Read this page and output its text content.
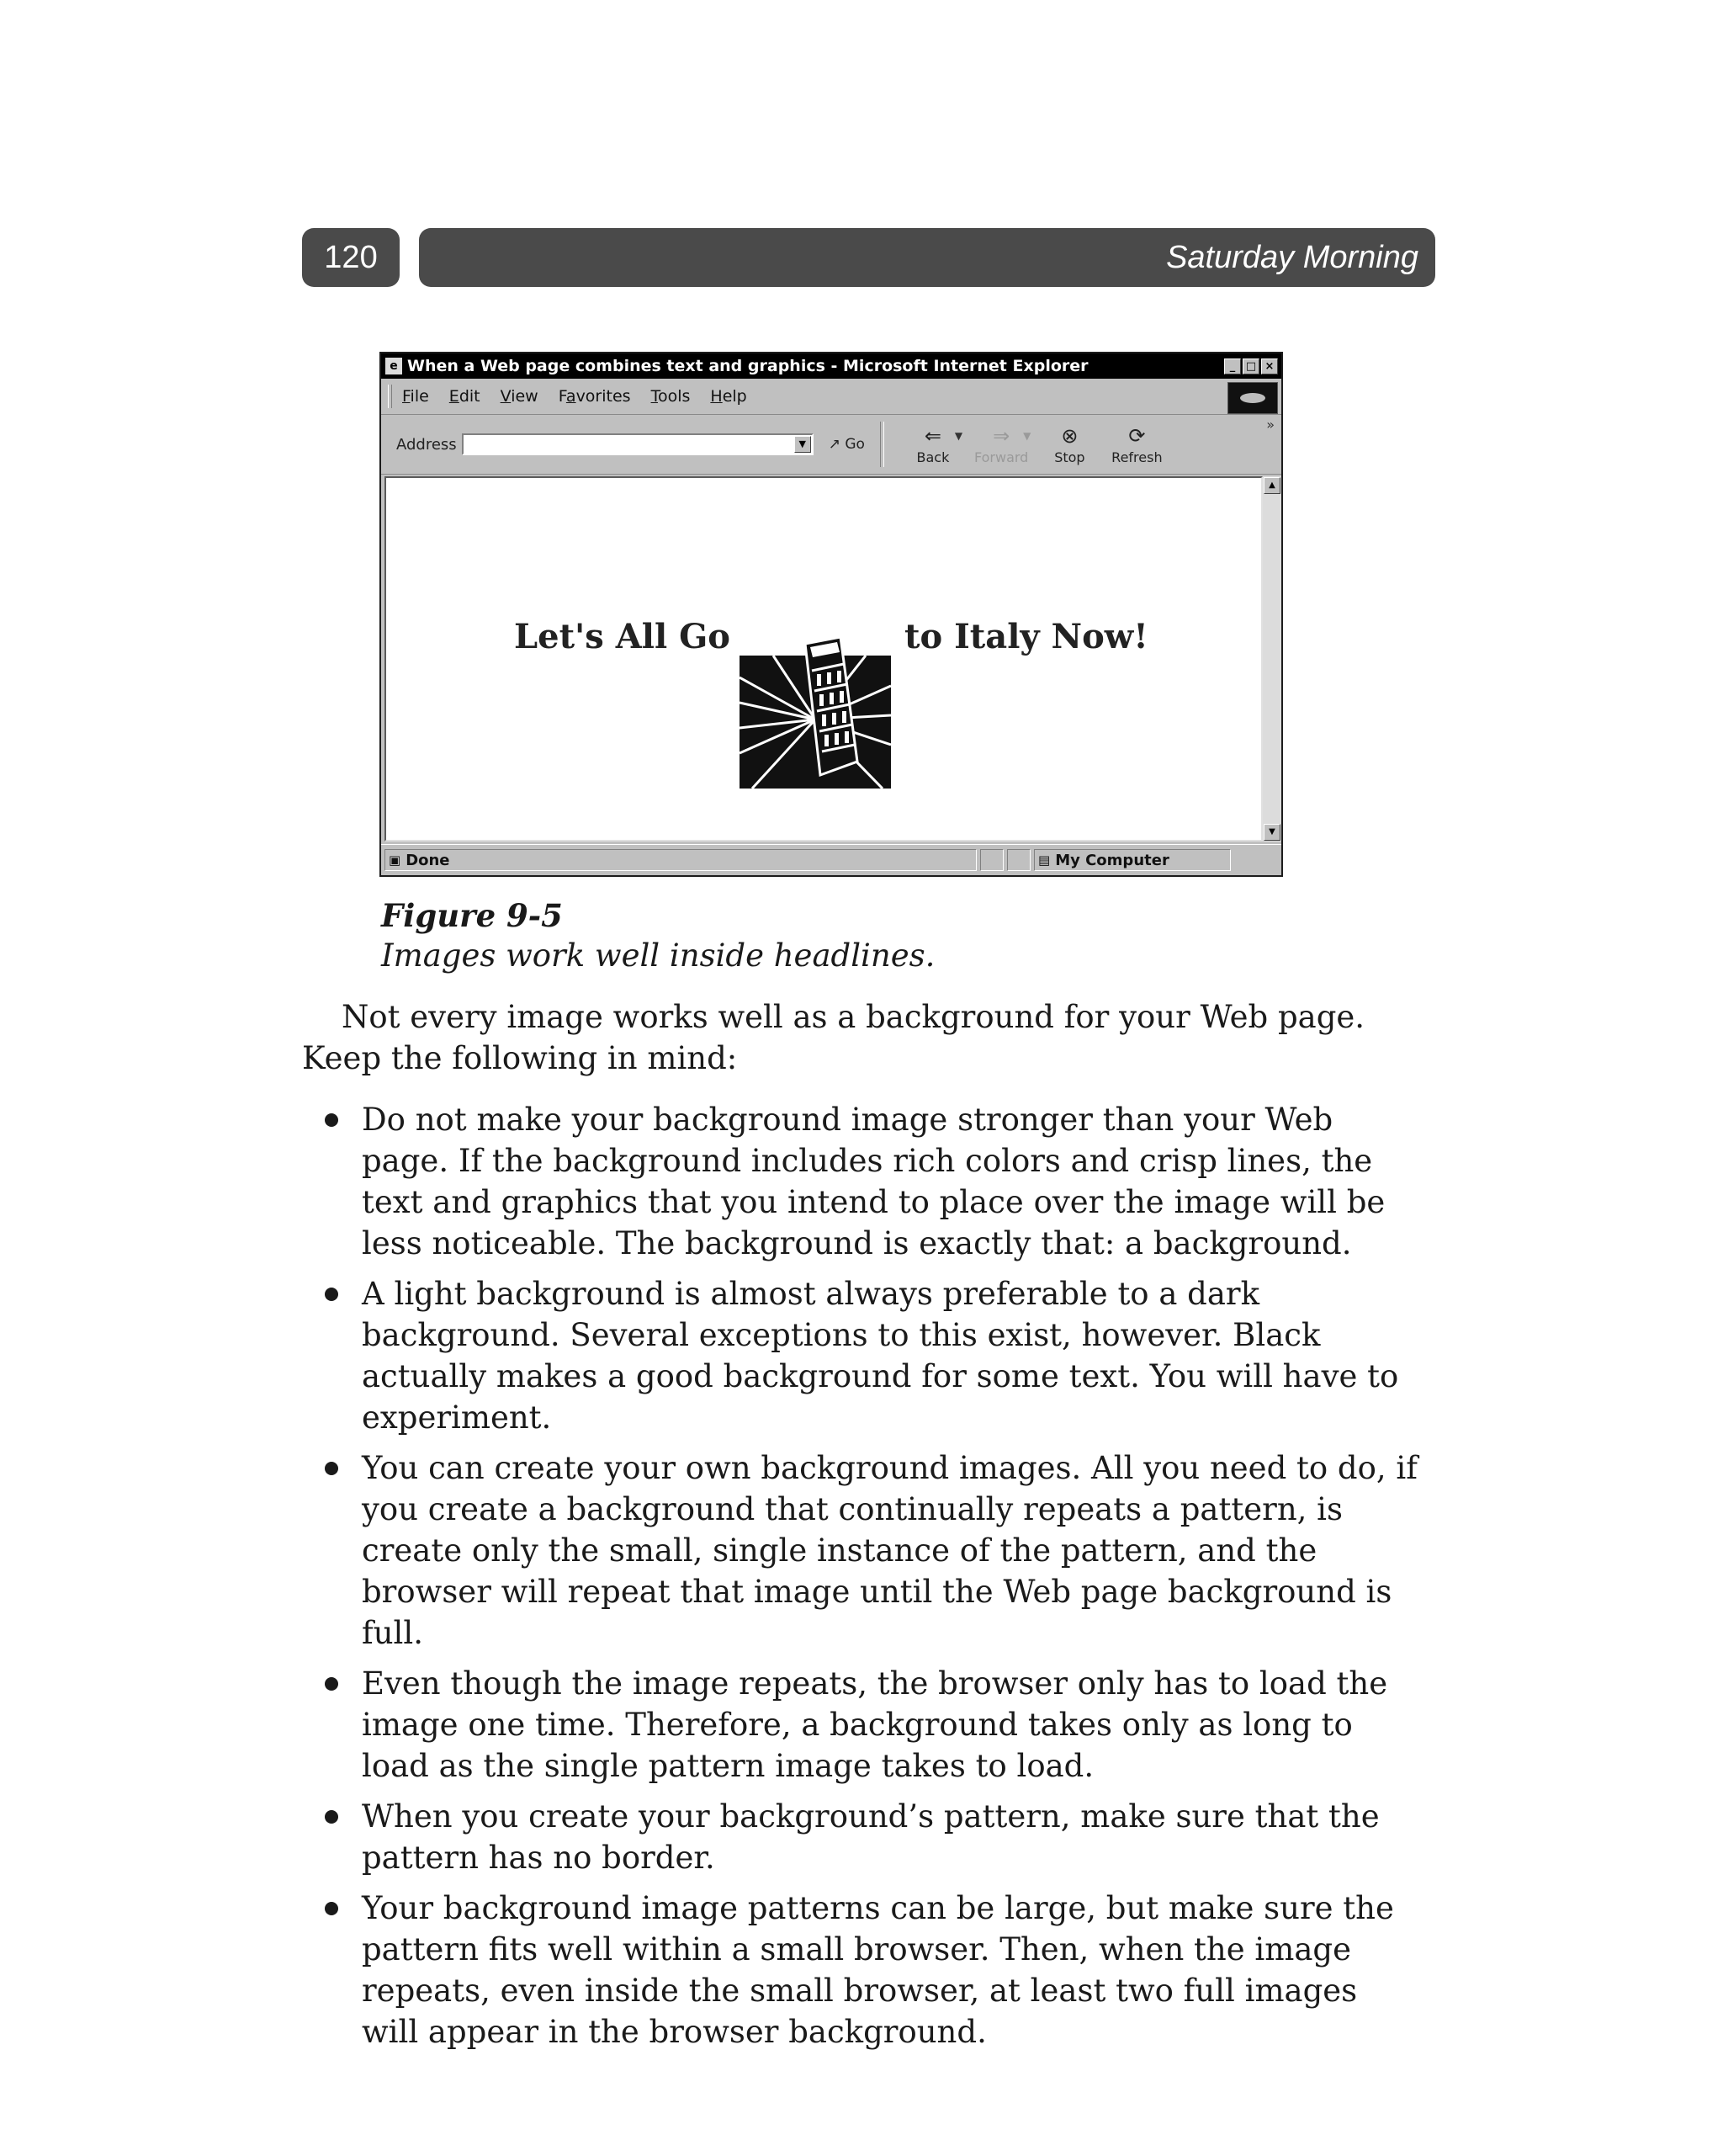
120	Saturday Morning
e When a Web page combines text and graphics - Microsoft Internet Explorer	_ □ ×
File Edit View Favorites Tools Help
Address	▼	↗ Go	⇐
Back
▼ ⇒
Forward
▼ ⊗
Stop
⟳
Refresh
»
Let's All Go	to Italy Now!
▲
▼
▣ Done	▤ My Computer
Figure 9-5
Images work well inside headlines.

Not every image works well as a background for your Web page. Keep the following in mind:

Do not make your background image stronger than your Web page. If the background includes rich colors and crisp lines, the text and graphics that you intend to place over the image will be less noticeable. The background is exactly that: a background.
A light background is almost always preferable to a dark background. Several exceptions to this exist, however. Black actually makes a good background for some text. You will have to experiment.
You can create your own background images. All you need to do, if you create a background that continually repeats a pattern, is create only the small, single instance of the pattern, and the browser will repeat that image until the Web page background is full.
Even though the image repeats, the browser only has to load the image one time. Therefore, a background takes only as long to load as the single pattern image takes to load.
When you create your background’s pattern, make sure that the pattern has no border.
Your background image patterns can be large, but make sure the pattern fits well within a small browser. Then, when the image repeats, even inside the small browser, at least two full images will appear in the browser background.
